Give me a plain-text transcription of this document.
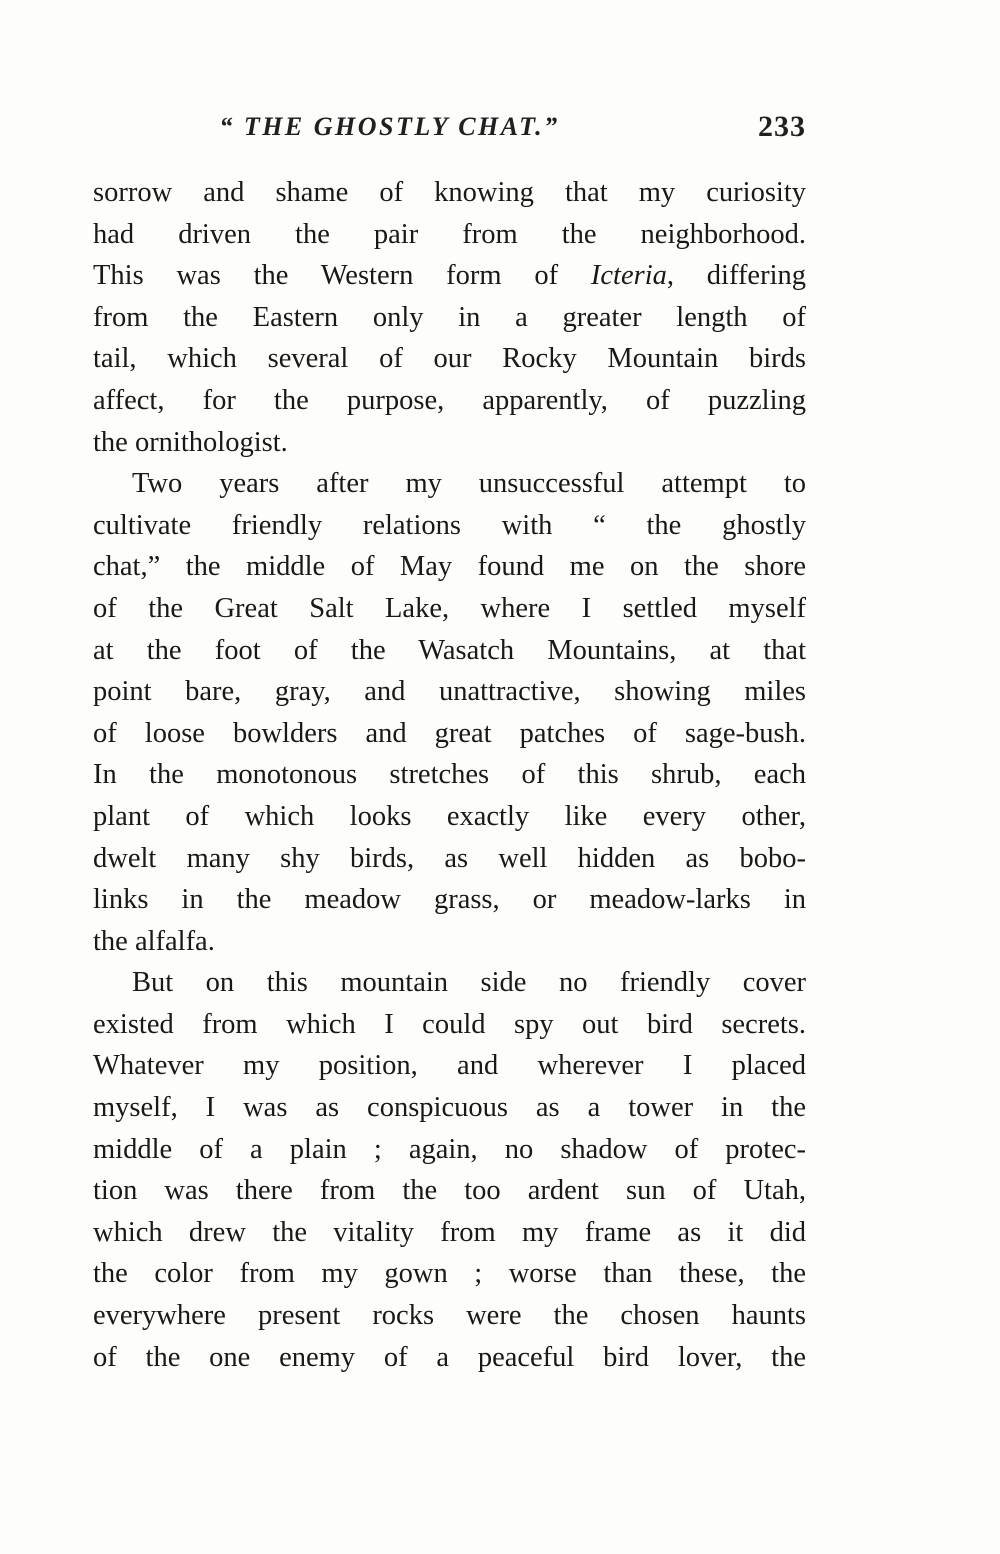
“ THE GHOSTLY CHAT.”	233
sorrow and shame of knowing that my curiosity
had driven the pair from the neighborhood.
This was the Western form of Icteria, differing
from the Eastern only in a greater length of
tail, which several of our Rocky Mountain birds
affect, for the purpose, apparently, of puzzling
the ornithologist.
Two years after my unsuccessful attempt to
cultivate friendly relations with “ the ghostly
chat,” the middle of May found me on the shore
of the Great Salt Lake, where I settled myself
at the foot of the Wasatch Mountains, at that
point bare, gray, and unattractive, showing miles
of loose bowlders and great patches of sage-bush.
In the monotonous stretches of this shrub, each
plant of which looks exactly like every other,
dwelt many shy birds, as well hidden as bobo-
links in the meadow grass, or meadow-larks in
the alfalfa.
But on this mountain side no friendly cover
existed from which I could spy out bird secrets.
Whatever my position, and wherever I placed
myself, I was as conspicuous as a tower in the
middle of a plain ; again, no shadow of protec-
tion was there from the too ardent sun of Utah,
which drew the vitality from my frame as it did
the color from my gown ; worse than these, the
everywhere present rocks were the chosen haunts
of the one enemy of a peaceful bird lover, the
